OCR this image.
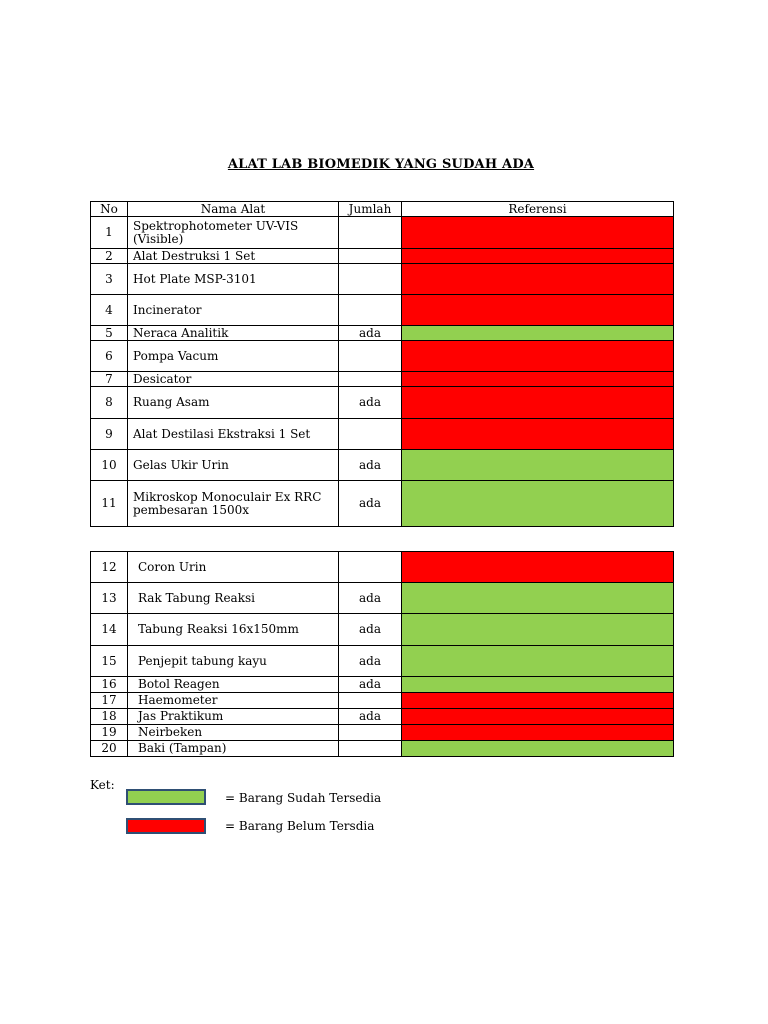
ALAT LAB BIOMEDIK YANG SUDAH ADA
No	Nama Alat	Jumlah	Referensi
1	Spektrophotometer UV-VIS
(Visible)		

2	Alat Destruksi 1 Set		
3	Hot Plate MSP-3101		
4	Incinerator		
5	Neraca Analitik	ada	
6	Pompa Vacum		
7	Desicator		
8	Ruang Asam	ada	
9	Alat Destilasi Ekstraksi 1 Set		
10	Gelas Ukir Urin	ada	
11	Mikroskop Monoculair Ex RRC
pembesaran 1500x	ada	
12	Coron Urin		
13	Rak Tabung Reaksi	ada	
14	Tabung Reaksi 16x150mm	ada	
15	Penjepit tabung kayu	ada	
16	Botol Reagen	ada	
17	Haemometer		
18	Jas Praktikum	ada	
19	Neirbeken		
20	Baki (Tampan)		
Ket:
= Barang Sudah Tersedia
= Barang Belum Tersdia
